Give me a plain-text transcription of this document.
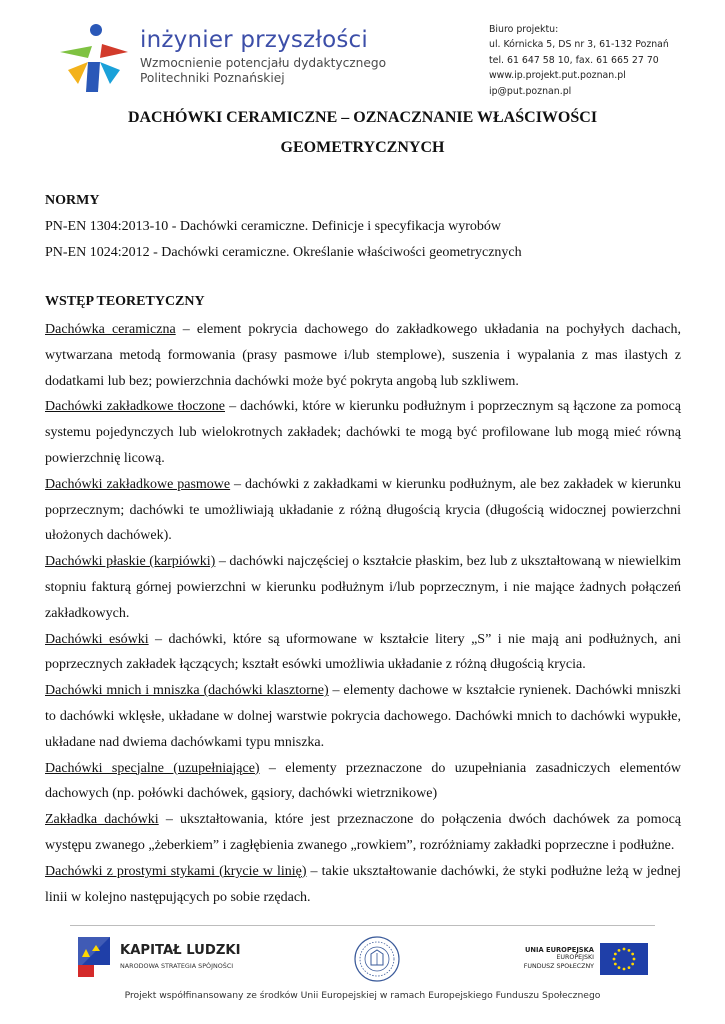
inżynier przyszłości
Wzmocnienie potencjału dydaktycznego
Politechniki Poznańskiej
Biuro projektu:
ul. Kórnicka 5, DS nr 3, 61-132 Poznań
tel. 61 647 58 10, fax. 61 665 27 70
www.ip.projekt.put.poznan.pl
ip@put.poznan.pl
DACHÓWKI CERAMICZNE – OZNACZNANIE WŁAŚCIWOŚCI
GEOMETRYCZNYCH
NORMY
PN-EN 1304:2013-10 - Dachówki ceramiczne. Definicje i specyfikacja wyrobów
PN-EN 1024:2012 - Dachówki ceramiczne. Określanie właściwości geometrycznych
WSTĘP TEORETYCZNY

Dachówka ceramiczna – element pokrycia dachowego do zakładkowego układania na pochyłych dachach, wytwarzana metodą formowania (prasy pasmowe i/lub stemplowe), suszenia i wypalania z mas ilastych z dodatkami lub bez; powierzchnia dachówki może być pokryta angobą lub szkliwem.

Dachówki zakładkowe tłoczone – dachówki, które w kierunku podłużnym i poprzecznym są łączone za pomocą systemu pojedynczych lub wielokrotnych zakładek; dachówki te mogą być profilowane lub mogą mieć równą powierzchnię licową.

Dachówki zakładkowe pasmowe – dachówki z zakładkami w kierunku podłużnym, ale bez zakładek w kierunku poprzecznym; dachówki te umożliwiają układanie z różną długością krycia (długością widocznej powierzchni ułożonych dachówek).

Dachówki płaskie (karpiówki) – dachówki najczęściej o kształcie płaskim, bez lub z ukształtowaną w niewielkim stopniu fakturą górnej powierzchni w kierunku podłużnym i/lub poprzecznym, i nie mające żadnych połączeń zakładkowych.

Dachówki esówki – dachówki, które są uformowane w kształcie litery „S” i nie mają ani podłużnych, ani poprzecznych zakładek łączących; kształt esówki umożliwia układanie z różną długością krycia.

Dachówki mnich i mniszka (dachówki klasztorne) – elementy dachowe w kształcie rynienek. Dachówki mniszki to dachówki wklęsłe, układane w dolnej warstwie pokrycia dachowego. Dachówki mnich to dachówki wypukłe, układane nad dwiema dachówkami typu mniszka.

Dachówki specjalne (uzupełniające) – elementy przeznaczone do uzupełniania zasadniczych elementów dachowych (np. połówki dachówek, gąsiory, dachówki wietrznikowe)

Zakładka dachówki – ukształtowania, które jest przeznaczone do połączenia dwóch dachówek za pomocą występu zwanego „żeberkiem” i zagłębienia zwanego „rowkiem”, rozróżniamy zakładki poprzeczne i podłużne.

Dachówki z prostymi stykami (krycie w linię) – takie ukształtowanie dachówki, że styki podłużne leżą w jednej linii w kolejno następujących po sobie rzędach.

KAPITAŁ LUDZKI
NARODOWA STRATEGIA SPÓJNOŚCI
UNIA EUROPEJSKA
EUROPEJSKI
FUNDUSZ SPOŁECZNY
Projekt współfinansowany ze środków Unii Europejskiej w ramach Europejskiego Funduszu Społecznego
